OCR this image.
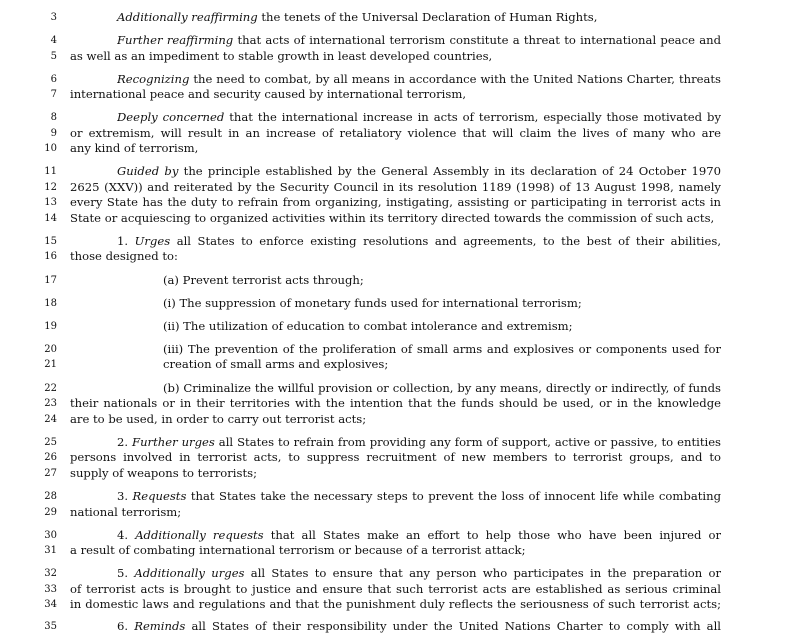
3	Additionally reaffirming the tenets of the Universal Declaration of Human Rights,
4	Further reaffirming that acts of international terrorism constitute a threat to international peace and
5 as well as an impediment to stable growth in least developed countries,
6	Recognizing the need to combat, by all means in accordance with the United Nations Charter, threats
7 international peace and security caused by international terrorism,
8	Deeply concerned that the international increase in acts of terrorism, especially those motivated by
9 or extremism, will result in an increase of retaliatory violence that will claim the lives of many who are
10 any kind of terrorism,
11	Guided by the principle established by the General Assembly in its declaration of 24 October 1970
12 2625 (XXV)) and reiterated by the Security Council in its resolution 1189 (1998) of 13 August 1998, namely
13 every State has the duty to refrain from organizing, instigating, assisting or participating in terrorist acts in
14 State or acquiescing to organized activities within its territory directed towards the commission of such acts,
15	1. Urges all States to enforce existing resolutions and agreements, to the best of their abilities,
16 those designed to:
17	(a) Prevent terrorist acts through;
18	(i) The suppression of monetary funds used for international terrorism;
19	(ii) The utilization of education to combat intolerance and extremism;
20	(iii) The prevention of the proliferation of small arms and explosives or components used for
21	creation of small arms and explosives;
22	(b) Criminalize the willful provision or collection, by any means, directly or indirectly, of funds
23 their nationals or in their territories with the intention that the funds should be used, or in the knowledge
24 are to be used, in order to carry out terrorist acts;
25	2. Further urges all States to refrain from providing any form of support, active or passive, to entities
26 persons involved in terrorist acts, to suppress recruitment of new members to terrorist groups, and to
27 supply of weapons to terrorists;
28	3. Requests that States take the necessary steps to prevent the loss of innocent life while combating
29 national terrorism;
30	4. Additionally requests that all States make an effort to help those who have been injured or
31 a result of combating international terrorism or because of a terrorist attack;
32	5. Additionally urges all States to ensure that any person who participates in the preparation or
33 of terrorist acts is brought to justice and ensure that such terrorist acts are established as serious criminal
34 in domestic laws and regulations and that the punishment duly reflects the seriousness of such terrorist acts;
35	6. Reminds all States of their responsibility under the United Nations Charter to comply with all
